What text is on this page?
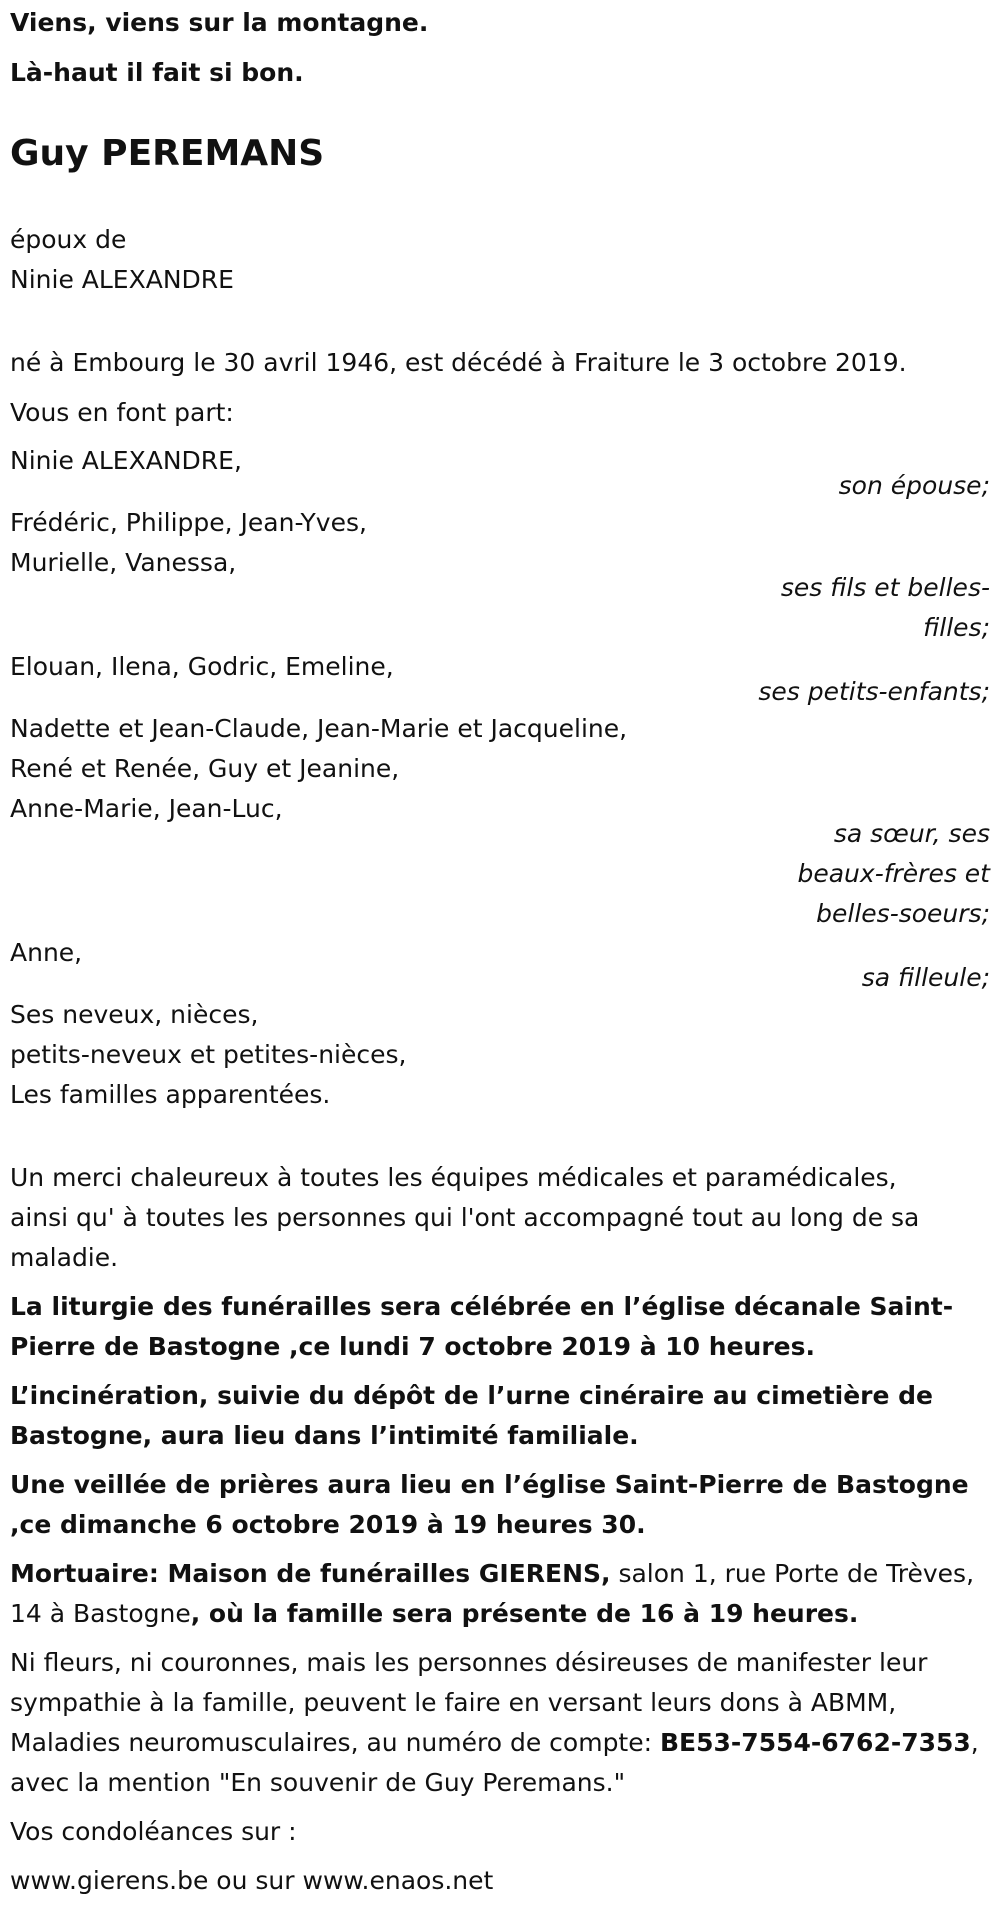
Viens, viens sur la montagne.
Là-haut il fait si bon.
Guy PEREMANS
époux de
Ninie ALEXANDRE
né à Embourg le 30 avril 1946, est décédé à Fraiture le 3 octobre 2019.
Vous en font part:
Ninie ALEXANDRE,
son épouse;
Frédéric, Philippe, Jean-Yves,
Murielle, Vanessa,
ses fils et belles-filles;
Elouan, Ilena, Godric, Emeline,
ses petits-enfants;
Nadette et Jean-Claude, Jean-Marie et Jacqueline,
René et Renée, Guy et Jeanine,
Anne-Marie, Jean-Luc,
sa sœur, ses beaux-frères et belles-soeurs;
Anne,
sa filleule;
Ses neveux, nièces,
petits-neveux et petites-nièces,
Les familles apparentées.
Un merci chaleureux à toutes les équipes médicales et paramédicales,
ainsi qu' à toutes les personnes qui l'ont accompagné tout au long de sa
maladie.
La liturgie des funérailles sera célébrée en l’église décanale Saint-
Pierre de Bastogne ,ce lundi 7 octobre 2019 à 10 heures.
L’incinération, suivie du dépôt de l’urne cinéraire au cimetière de
Bastogne, aura lieu dans l’intimité familiale.
Une veillée de prières aura lieu en l’église Saint-Pierre de Bastogne
,ce dimanche 6 octobre 2019 à 19 heures 30.
Mortuaire: Maison de funérailles GIERENS, salon 1, rue Porte de Trèves,
14 à Bastogne, où la famille sera présente de 16 à 19 heures.
Ni fleurs, ni couronnes, mais les personnes désireuses de manifester leur
sympathie à la famille, peuvent le faire en versant leurs dons à ABMM,
Maladies neuromusculaires, au numéro de compte: BE53-7554-6762-7353,
avec la mention "En souvenir de Guy Peremans."
Vos condoléances sur :
www.gierens.be ou sur www.enaos.net
